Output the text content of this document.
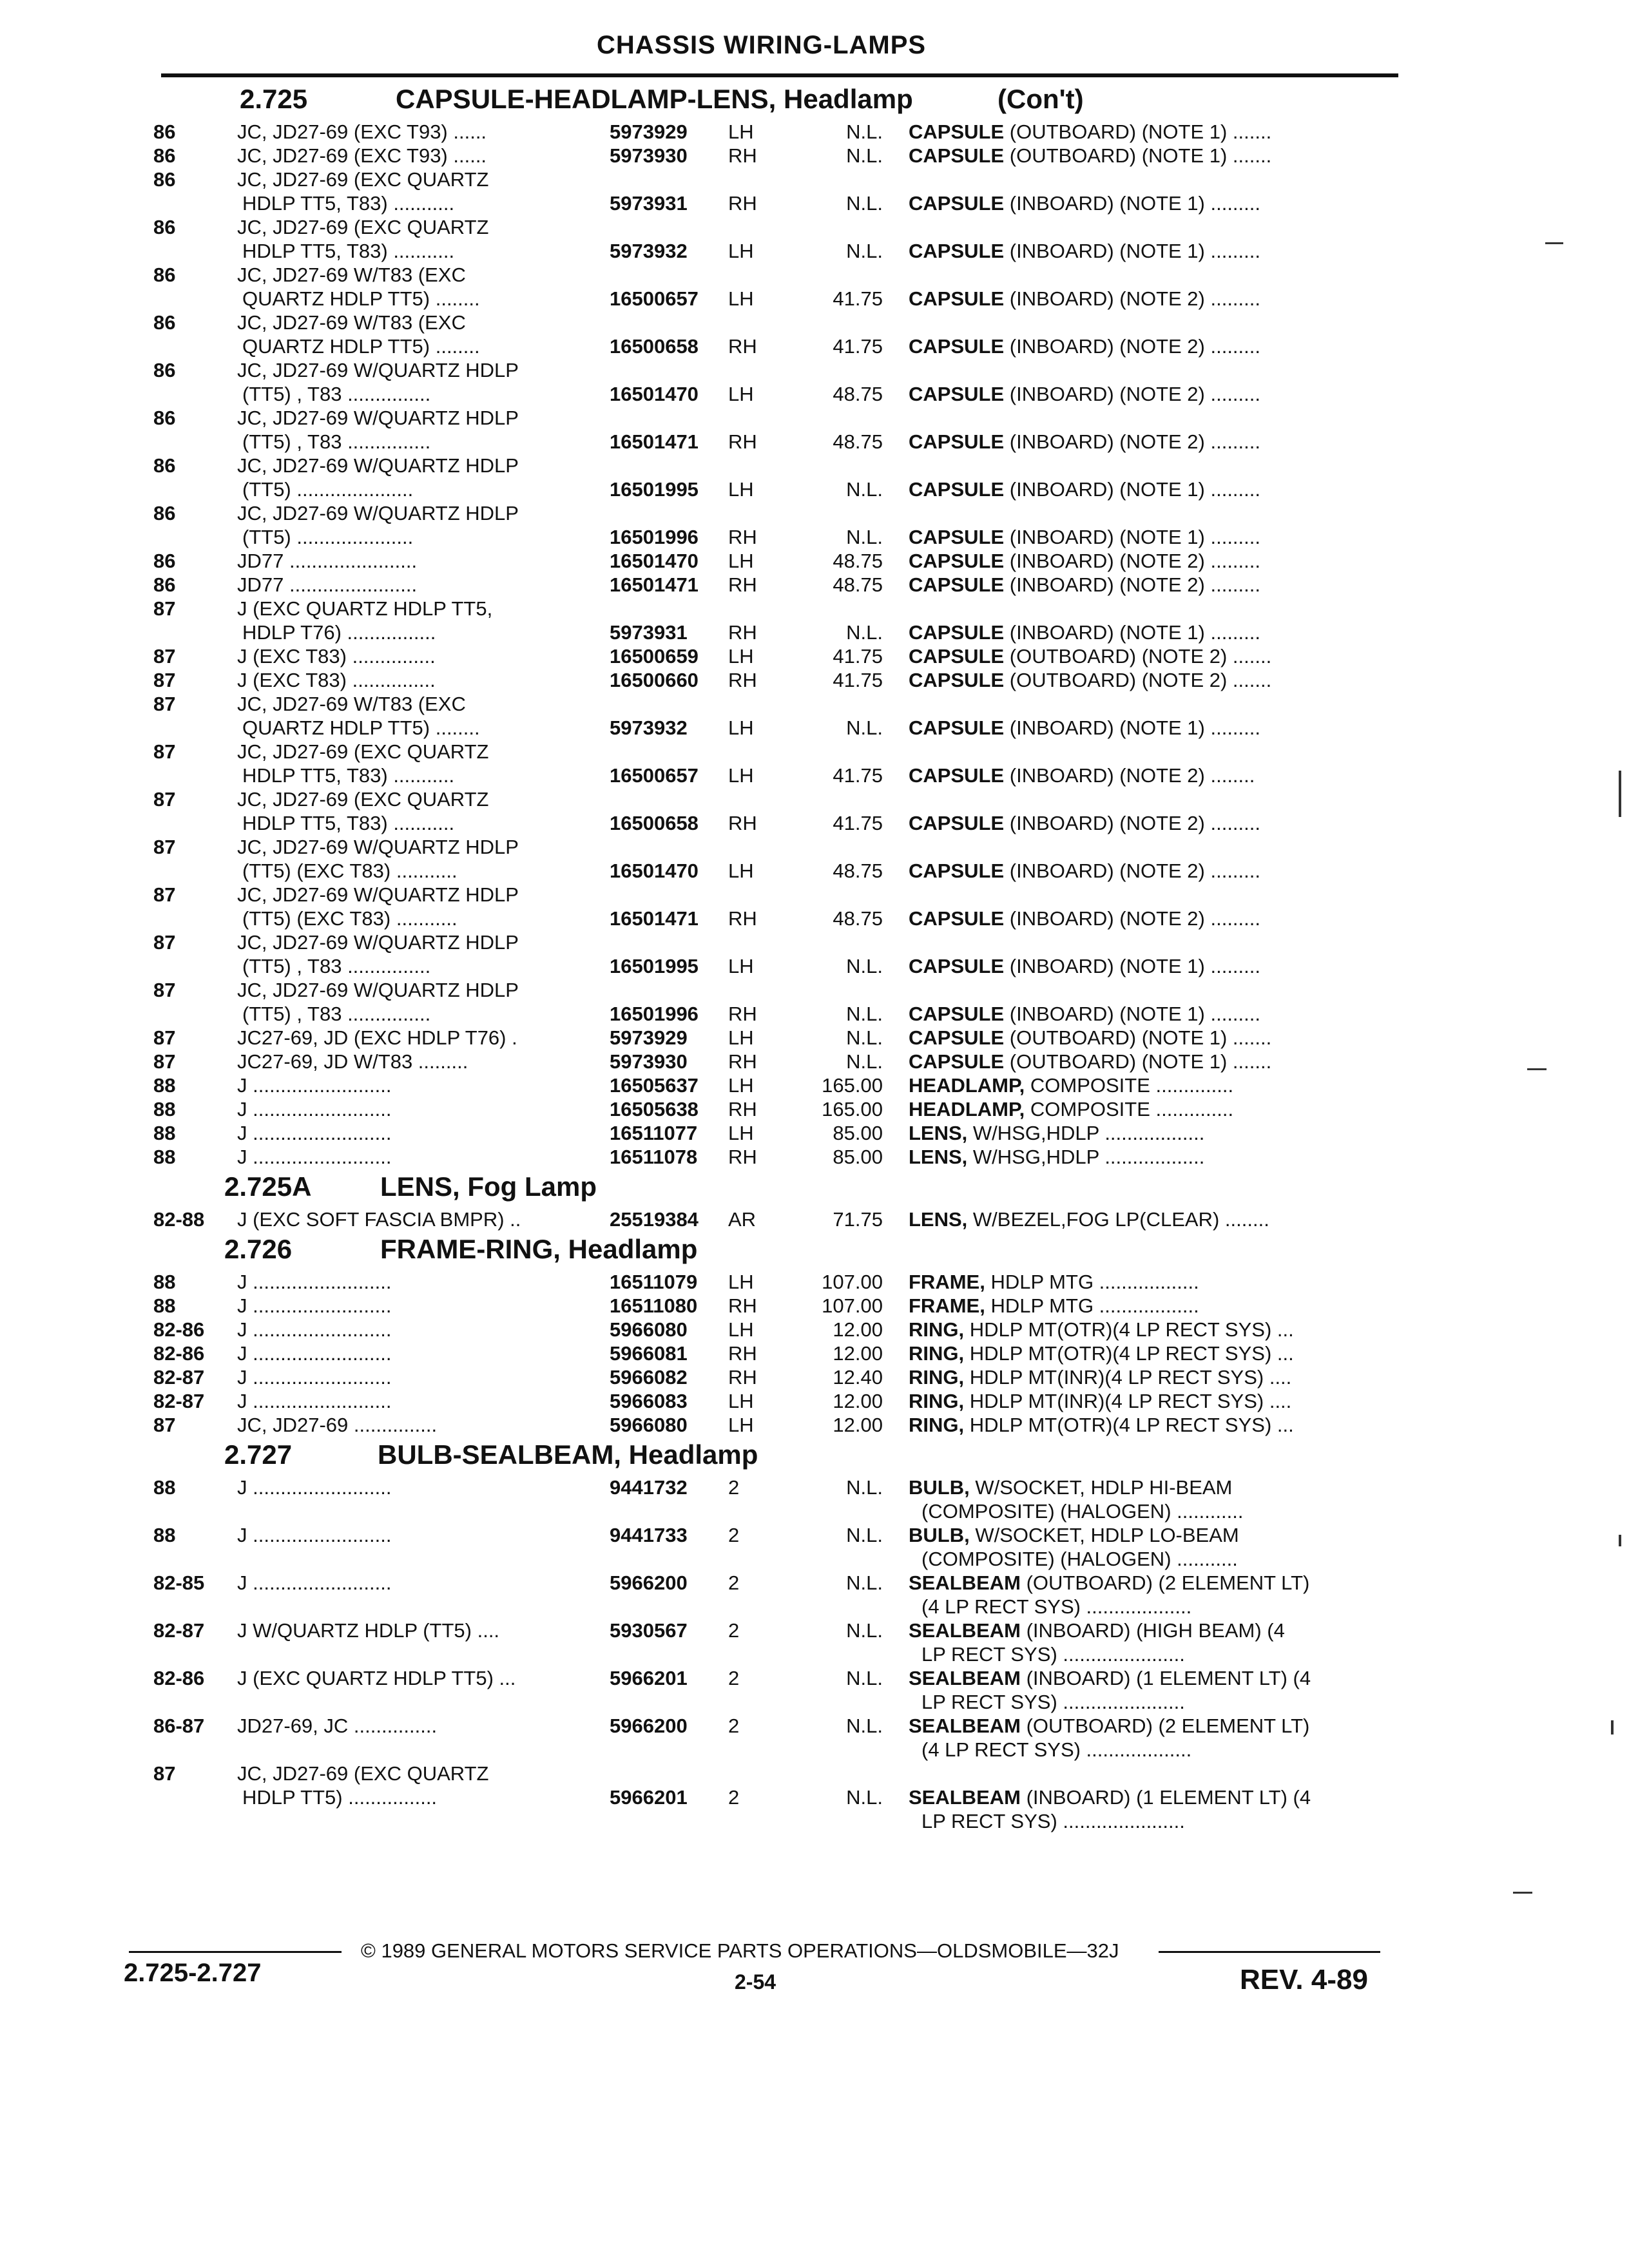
CHASSIS WIRING-LAMPS
2.725	CAPSULE-HEADLAMP-LENS, Headlamp	(Con't)
86	JC, JD27-69 (EXC T93) ......	5973929 LH	N.L. CAPSULE (OUTBOARD) (NOTE 1) .......
86	JC, JD27-69 (EXC T93) ......	5973930 RH	N.L. CAPSULE (OUTBOARD) (NOTE 1) .......
86	JC, JD27-69 (EXC QUARTZ
HDLP TT5, T83) ...........	5973931 RH	N.L. CAPSULE (INBOARD) (NOTE 1) .........
86	JC, JD27-69 (EXC QUARTZ
HDLP TT5, T83) ...........	5973932 LH	N.L. CAPSULE (INBOARD) (NOTE 1) .........
86	JC, JD27-69 W/T83 (EXC
QUARTZ HDLP TT5) ........	16500657 LH	41.75 CAPSULE (INBOARD) (NOTE 2) .........
86	JC, JD27-69 W/T83 (EXC
QUARTZ HDLP TT5) ........	16500658 RH	41.75 CAPSULE (INBOARD) (NOTE 2) .........
86	JC, JD27-69 W/QUARTZ HDLP
(TT5) , T83 ...............	16501470 LH	48.75 CAPSULE (INBOARD) (NOTE 2) .........
86	JC, JD27-69 W/QUARTZ HDLP
(TT5) , T83 ...............	16501471 RH	48.75 CAPSULE (INBOARD) (NOTE 2) .........
86	JC, JD27-69 W/QUARTZ HDLP
(TT5) .....................	16501995 LH	N.L. CAPSULE (INBOARD) (NOTE 1) .........
86	JC, JD27-69 W/QUARTZ HDLP
(TT5) .....................	16501996 RH	N.L. CAPSULE (INBOARD) (NOTE 1) .........
86	JD77 .......................	16501470 LH	48.75 CAPSULE (INBOARD) (NOTE 2) .........
86	JD77 .......................	16501471 RH	48.75 CAPSULE (INBOARD) (NOTE 2) .........
87	J (EXC QUARTZ HDLP TT5,
HDLP T76) ................	5973931 RH	N.L. CAPSULE (INBOARD) (NOTE 1) .........
87	J (EXC T83) ...............	16500659 LH	41.75 CAPSULE (OUTBOARD) (NOTE 2) .......
87	J (EXC T83) ...............	16500660 RH	41.75 CAPSULE (OUTBOARD) (NOTE 2) .......
87	JC, JD27-69 W/T83 (EXC
QUARTZ HDLP TT5) ........	5973932 LH	N.L. CAPSULE (INBOARD) (NOTE 1) .........
87	JC, JD27-69 (EXC QUARTZ
HDLP TT5, T83) ...........	16500657 LH	41.75 CAPSULE (INBOARD) (NOTE 2) ........
87	JC, JD27-69 (EXC QUARTZ
HDLP TT5, T83) ...........	16500658 RH	41.75 CAPSULE (INBOARD) (NOTE 2) .........
87	JC, JD27-69 W/QUARTZ HDLP
(TT5) (EXC T83) ...........	16501470 LH	48.75 CAPSULE (INBOARD) (NOTE 2) .........
87	JC, JD27-69 W/QUARTZ HDLP
(TT5) (EXC T83) ...........	16501471 RH	48.75 CAPSULE (INBOARD) (NOTE 2) .........
87	JC, JD27-69 W/QUARTZ HDLP
(TT5) , T83 ...............	16501995 LH	N.L. CAPSULE (INBOARD) (NOTE 1) .........
87	JC, JD27-69 W/QUARTZ HDLP
(TT5) , T83 ...............	16501996 RH	N.L. CAPSULE (INBOARD) (NOTE 1) .........
87	JC27-69, JD (EXC HDLP T76) .	5973929 LH	N.L. CAPSULE (OUTBOARD) (NOTE 1) .......
87	JC27-69, JD W/T83 .........	5973930 RH	N.L. CAPSULE (OUTBOARD) (NOTE 1) .......
88	J .........................	16505637 LH	165.00 HEADLAMP, COMPOSITE ..............
88	J .........................	16505638 RH	165.00 HEADLAMP, COMPOSITE ..............
88	J .........................	16511077 LH	85.00 LENS, W/HSG,HDLP ..................
88	J .........................	16511078 RH	85.00 LENS, W/HSG,HDLP ..................
2.725A	LENS, Fog Lamp
82-88 J (EXC SOFT FASCIA BMPR) ..	25519384 AR	71.75 LENS, W/BEZEL,FOG LP(CLEAR) ........
2.726	FRAME-RING, Headlamp
88	J .........................	16511079 LH	107.00 FRAME, HDLP MTG ..................
88	J .........................	16511080 RH	107.00 FRAME, HDLP MTG ..................
82-86 J .........................	5966080 LH	12.00 RING, HDLP MT(OTR)(4 LP RECT SYS) ...
82-86 J .........................	5966081 RH	12.00 RING, HDLP MT(OTR)(4 LP RECT SYS) ...
82-87 J .........................	5966082 RH	12.40 RING, HDLP MT(INR)(4 LP RECT SYS) ....
82-87 J .........................	5966083 LH	12.00 RING, HDLP MT(INR)(4 LP RECT SYS) ....
87	JC, JD27-69 ...............	5966080 LH	12.00 RING, HDLP MT(OTR)(4 LP RECT SYS) ...
2.727	BULB-SEALBEAM, Headlamp
88	J .........................	9441732 2	N.L. BULB, W/SOCKET, HDLP HI-BEAM
(COMPOSITE) (HALOGEN) ............
88	J .........................	9441733 2	N.L. BULB, W/SOCKET, HDLP LO-BEAM
(COMPOSITE) (HALOGEN) ...........
82-85 J .........................	5966200 2	N.L. SEALBEAM (OUTBOARD) (2 ELEMENT LT)
(4 LP RECT SYS) ...................
82-87 J W/QUARTZ HDLP (TT5) ....	5930567 2	N.L. SEALBEAM (INBOARD) (HIGH BEAM) (4
LP RECT SYS) ......................
82-86 J (EXC QUARTZ HDLP TT5) ...	5966201 2	N.L. SEALBEAM (INBOARD) (1 ELEMENT LT) (4
LP RECT SYS) ......................
86-87 JD27-69, JC ...............	5966200 2	N.L. SEALBEAM (OUTBOARD) (2 ELEMENT LT)
(4 LP RECT SYS) ...................
87	JC, JD27-69 (EXC QUARTZ
HDLP TT5) ................	5966201 2	N.L. SEALBEAM (INBOARD) (1 ELEMENT LT) (4
LP RECT SYS) ......................
© 1989 GENERAL MOTORS SERVICE PARTS OPERATIONS—OLDSMOBILE—32J
2.725-2.727	2-54	REV. 4-89
